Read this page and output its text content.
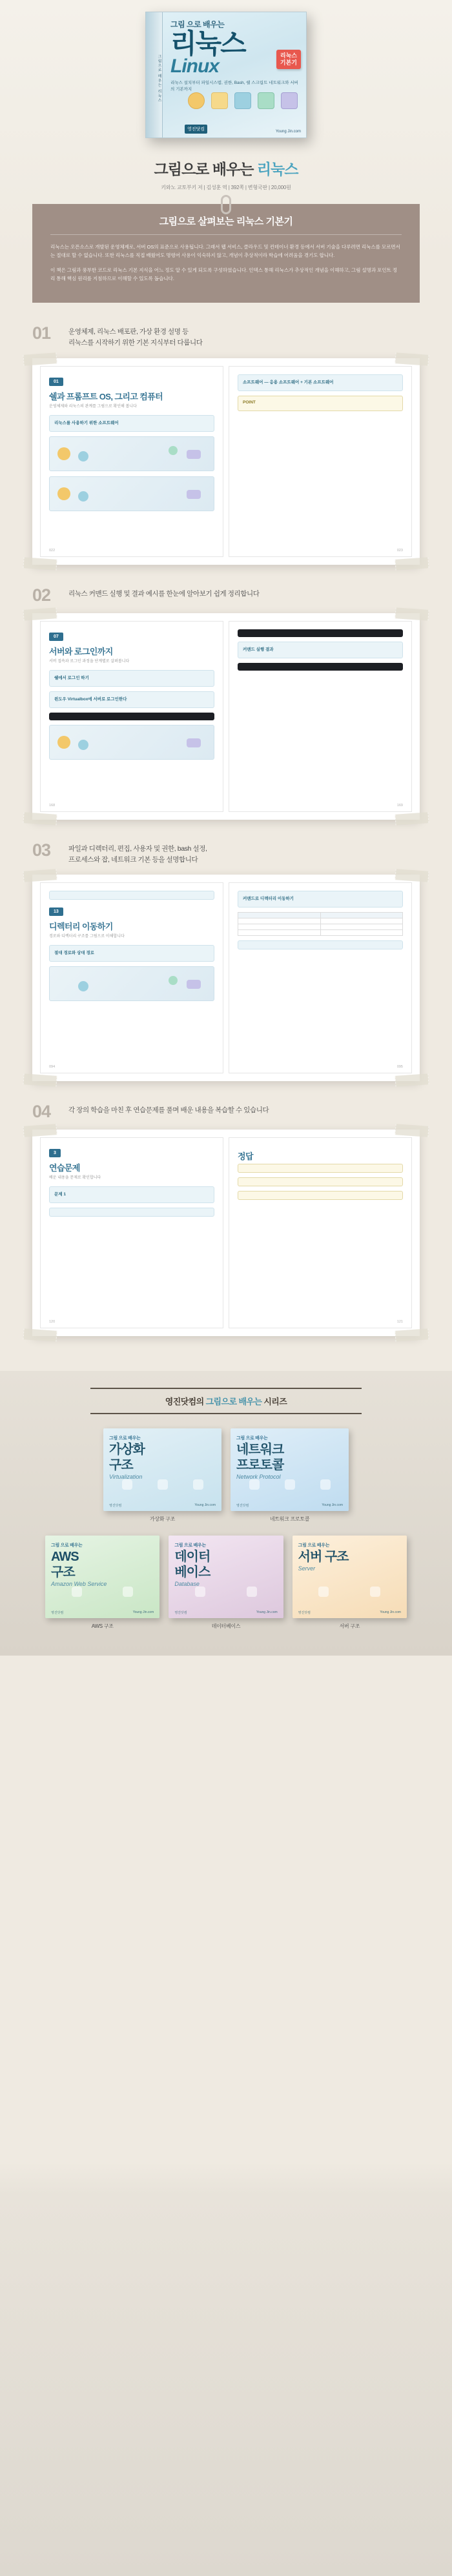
그림으로 배우는 리눅스
그림 으로 배우는
리눅스
Linux
리눅스 설치부터 파일시스템, 권한, Bash, 쉘 스크립트 네트워크와 서버의 기본까지
영진닷컴	Young Jin.com
리눅스
기본기
그림으로 배우는 리눅스
키와노 교토부키 저 | 김성훈 역 | 392쪽 | 변형국판 | 20,000원
그림으로 살펴보는 리눅스 기본기

리눅스는 오픈소스로 개발된 운영체제로, 서버 OS의 표준으로 사용됩니다. 그래서 웹 서비스, 클라우드 및 컨테이너 환경 등에서 서버 기술을 다루려면 리눅스를 모르면서는 절대로 할 수 없습니다. 또한 리눅스를 직접 배웠어도 명령어 사용이 익숙하지 않고, 개념이 추상적이라 학습에 어려움을 겪기도 합니다.

이 책은 그림과 풍부한 코드로 리눅스 기본 지식을 어느 정도 알 수 있게 되도록 구성하였습니다. 인덱스 통해 리눅스가 추상적인 개념을 이해하고, 그림 설명과 포인트 정리 통해 핵심 원리를 지침하므로 이해할 수 있도록 돕습니다.

01	운영체제, 리눅스 배포판, 가상 환경 설명 등
리눅스를 시작하기 위한 기본 지식부터 다룹니다
01
쉘과 프롬프트 OS, 그리고 컴퓨터
운영체제와 리눅스의 관계를 그림으로 확인해 봅니다
리눅스를 사용하기 위한 소프트웨어
022
소프트웨어 — 응용 소프트웨어 + 기본 소프트웨어
POINT
023
02	리눅스 커맨드 실행 및 결과 예시를 한눈에 알아보기 쉽게 정리합니다
07
서버와 로그인까지
서버 접속과 로그인 과정을 단계별로 살펴봅니다
쉘에서 로그인 하기
윈도우 Virtualbox에 서버로 로그인한다
168
커맨드 실행 결과
169
03	파일과 디렉터리, 편집, 사용자 및 권한, bash 설정,
프로세스와 잡, 네트워크 기본 등을 설명합니다
13
디렉터리 이동하기
경로와 디렉터리 구조를 그림으로 이해합니다
절대 경로와 상대 경로
094
커맨드로 디렉터리 이동하기

095
04	각 장의 학습을 마친 후 연습문제를 풀며 배운 내용을 복습할 수 있습니다
3
연습문제
배운 내용을 문제로 확인합니다
문제 1
120
정답
121
영진닷컴의 그림으로 배우는 시리즈
그림 으로 배우는
가상화
구조
Virtualization
영진닷컴	Young Jin.com
가상화 구조
그림 으로 배우는
네트워크
프로토콜
Network Protocol
영진닷컴	Young Jin.com
네트워크 프로토콜
그림 으로 배우는
AWS
구조
Amazon Web Service
영진닷컴	Young Jin.com
AWS 구조
그림 으로 배우는
데이터
베이스
Database
영진닷컴	Young Jin.com
데이터베이스
그림 으로 배우는
서버 구조
Server
영진닷컴	Young Jin.com
서버 구조
